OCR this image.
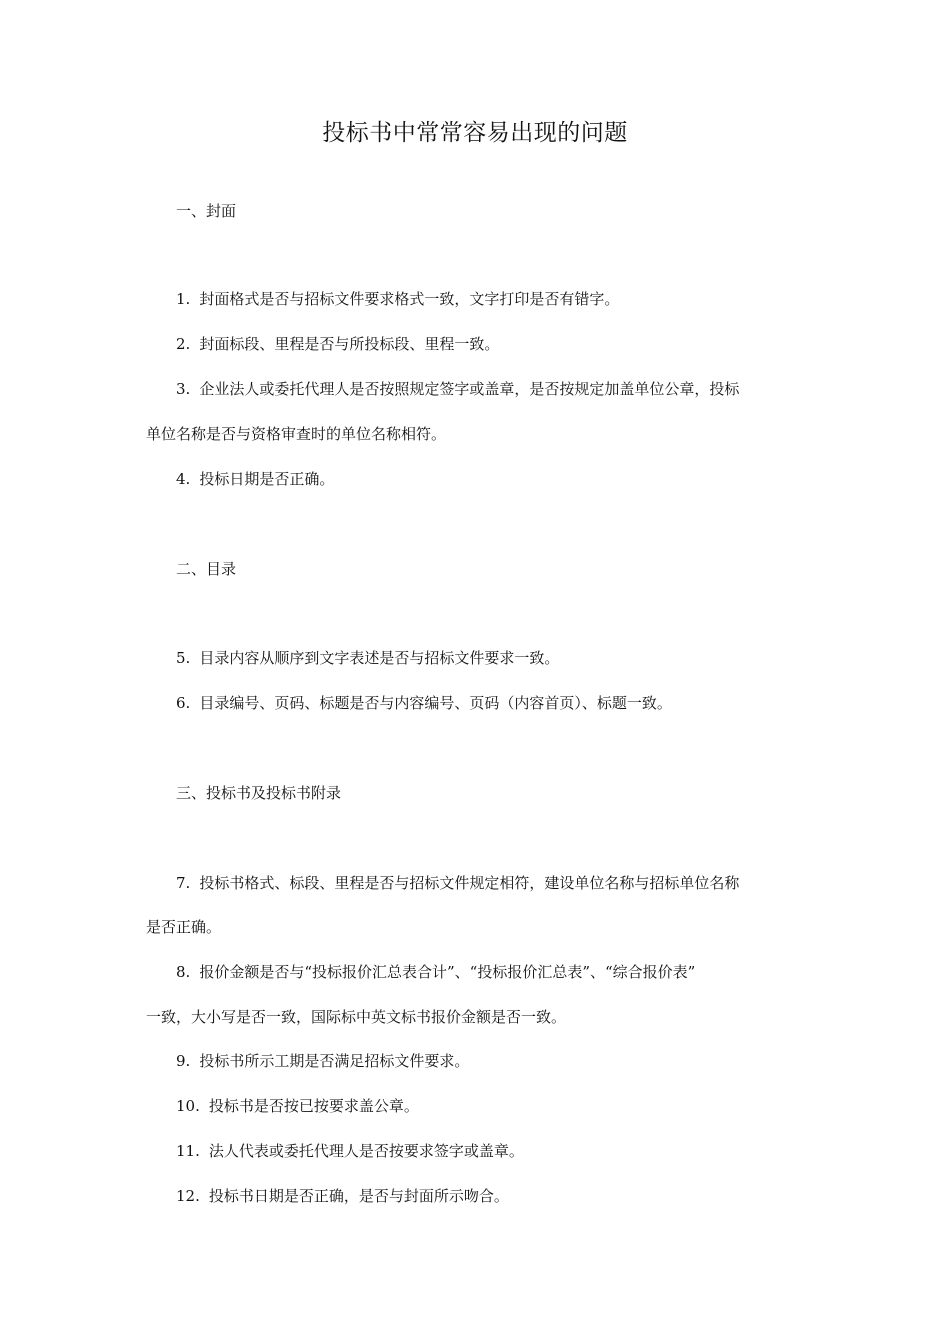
投标书中常常容易出现的问题
一、封面
1. 封面格式是否与招标文件要求格式一致，文字打印是否有错字。
2. 封面标段、里程是否与所投标段、里程一致。
3. 企业法人或委托代理人是否按照规定签字或盖章，是否按规定加盖单位公章，投标
单位名称是否与资格审查时的单位名称相符。
4. 投标日期是否正确。
二、目录
5. 目录内容从顺序到文字表述是否与招标文件要求一致。
6. 目录编号、页码、标题是否与内容编号、页码（内容首页）、标题一致。
三、投标书及投标书附录
7. 投标书格式、标段、里程是否与招标文件规定相符，建设单位名称与招标单位名称
是否正确。
8. 报价金额是否与“投标报价汇总表合计”、“投标报价汇总表”、“综合报价表”
一致，大小写是否一致，国际标中英文标书报价金额是否一致。
9. 投标书所示工期是否满足招标文件要求。
10. 投标书是否按已按要求盖公章。
11. 法人代表或委托代理人是否按要求签字或盖章。
12. 投标书日期是否正确，是否与封面所示吻合。
